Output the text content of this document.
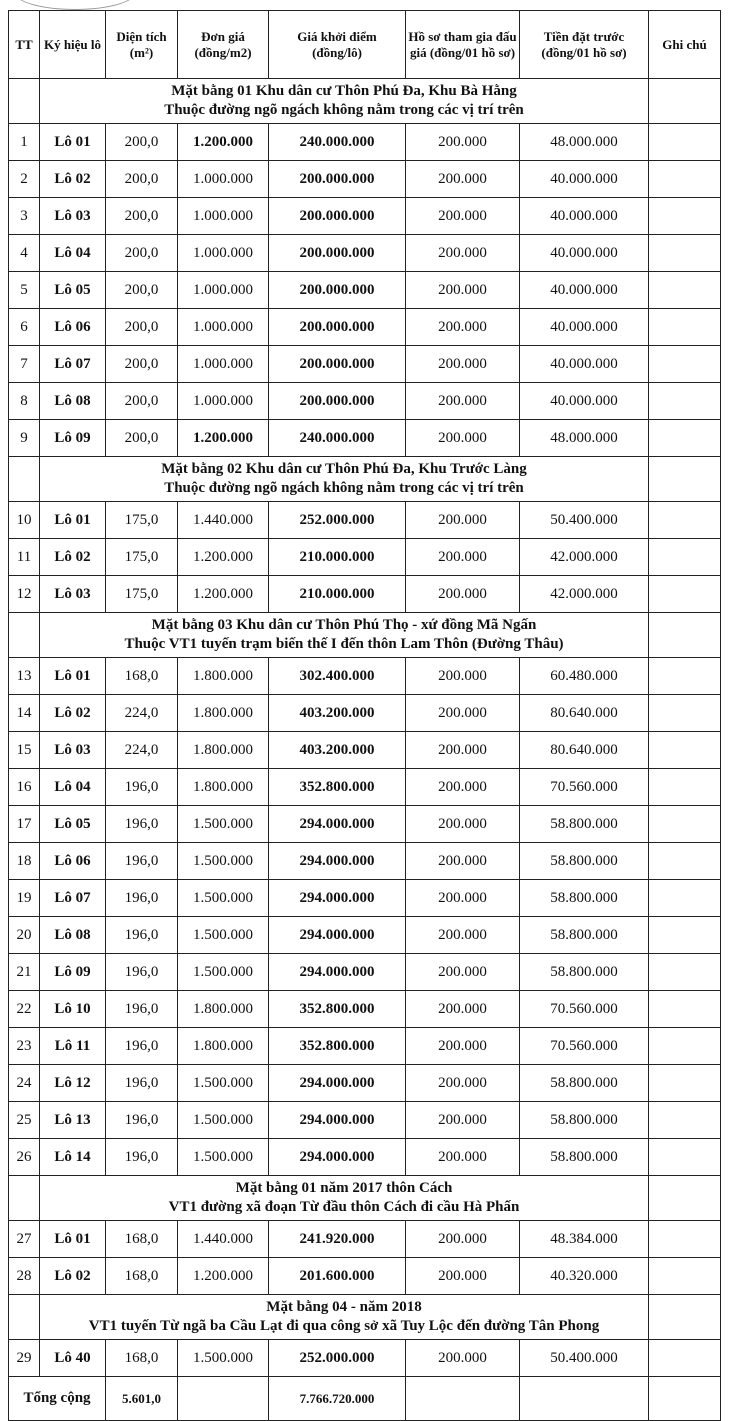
TT	Ký hiệu lô	Diện tích (m²)	Đơn giá (đồng/m2)	Giá khởi điểm (đồng/lô)	Hồ sơ tham gia đấu giá (đồng/01 hồ sơ)	Tiền đặt trước (đồng/01 hồ sơ)	Ghi chú

	Mặt bằng 01 Khu dân cư Thôn Phú Đa, Khu Bà Hằng
Thuộc đường ngõ ngách không nằm trong các vị trí trên						

1	Lô 01	200,0	1.200.000	240.000.000	200.000	48.000.000	
2	Lô 02	200,0	1.000.000	200.000.000	200.000	40.000.000	
3	Lô 03	200,0	1.000.000	200.000.000	200.000	40.000.000	
4	Lô 04	200,0	1.000.000	200.000.000	200.000	40.000.000	
5	Lô 05	200,0	1.000.000	200.000.000	200.000	40.000.000	
6	Lô 06	200,0	1.000.000	200.000.000	200.000	40.000.000	
7	Lô 07	200,0	1.000.000	200.000.000	200.000	40.000.000	
8	Lô 08	200,0	1.000.000	200.000.000	200.000	40.000.000	
9	Lô 09	200,0	1.200.000	240.000.000	200.000	48.000.000	

	Mặt bằng 02 Khu dân cư Thôn Phú Đa, Khu Trước Làng
Thuộc đường ngõ ngách không nằm trong các vị trí trên						

10	Lô 01	175,0	1.440.000	252.000.000	200.000	50.400.000	
11	Lô 02	175,0	1.200.000	210.000.000	200.000	42.000.000	
12	Lô 03	175,0	1.200.000	210.000.000	200.000	42.000.000	

	Mặt bằng 03 Khu dân cư Thôn Phú Thọ - xứ đồng Mã Ngấn
Thuộc VT1 tuyến trạm biến thế I đến thôn Lam Thôn (Đường Thâu)						

13	Lô 01	168,0	1.800.000	302.400.000	200.000	60.480.000	
14	Lô 02	224,0	1.800.000	403.200.000	200.000	80.640.000	
15	Lô 03	224,0	1.800.000	403.200.000	200.000	80.640.000	
16	Lô 04	196,0	1.800.000	352.800.000	200.000	70.560.000	
17	Lô 05	196,0	1.500.000	294.000.000	200.000	58.800.000	
18	Lô 06	196,0	1.500.000	294.000.000	200.000	58.800.000	
19	Lô 07	196,0	1.500.000	294.000.000	200.000	58.800.000	
20	Lô 08	196,0	1.500.000	294.000.000	200.000	58.800.000	
21	Lô 09	196,0	1.500.000	294.000.000	200.000	58.800.000	
22	Lô 10	196,0	1.800.000	352.800.000	200.000	70.560.000	
23	Lô 11	196,0	1.800.000	352.800.000	200.000	70.560.000	
24	Lô 12	196,0	1.500.000	294.000.000	200.000	58.800.000	
25	Lô 13	196,0	1.500.000	294.000.000	200.000	58.800.000	
26	Lô 14	196,0	1.500.000	294.000.000	200.000	58.800.000	

	Mặt bằng 01 năm 2017 thôn Cách
VT1 đường xã đoạn Từ đầu thôn Cách đi cầu Hà Phấn						

27	Lô 01	168,0	1.440.000	241.920.000	200.000	48.384.000	
28	Lô 02	168,0	1.200.000	201.600.000	200.000	40.320.000	

	Mặt bằng 04 - năm 2018
VT1 tuyến Từ ngã ba Cầu Lạt đi qua công sở xã Tuy Lộc đến đường Tân Phong						

29	Lô 40	168,0	1.500.000	252.000.000	200.000	50.400.000	
Tổng cộng		5.601,0		7.766.720.000			
